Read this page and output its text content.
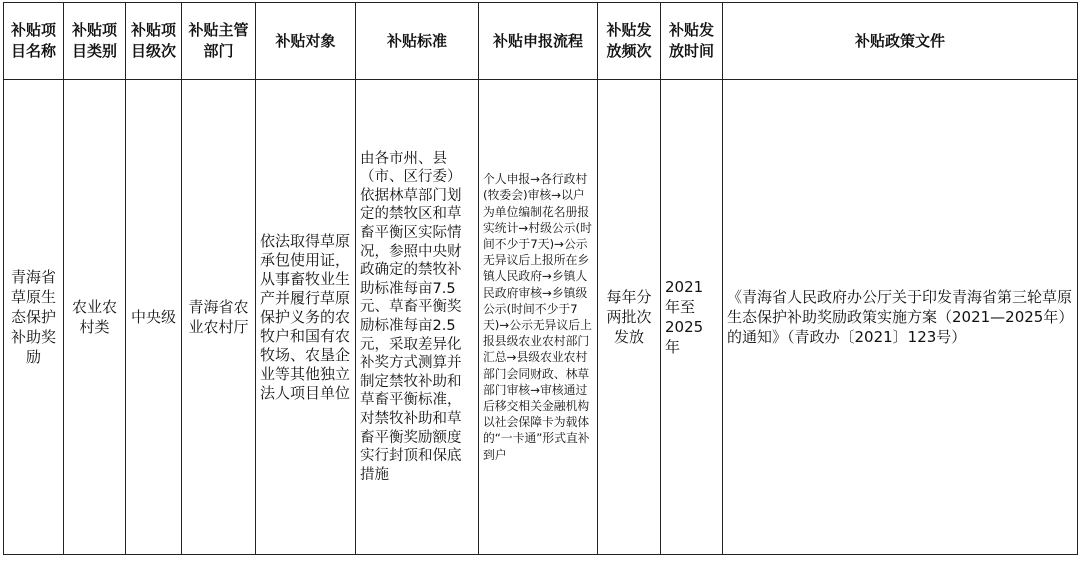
补贴项目名称	补贴项目类别	补贴项目级次	补贴主管部门	补贴对象	补贴标准	补贴申报流程	补贴发放频次	补贴发放时间	补贴政策文件
青海省草原生态保护补助奖励	农业农村类	中央级	青海省农业农村厅	依法取得草原承包使用证，从事畜牧业生产并履行草原保护义务的农牧户和国有农牧场、农垦企业等其他独立法人项目单位	由各市州、县（市、区行委）依据林草部门划定的禁牧区和草畜平衡区实际情况，参照中央财政确定的禁牧补助标准每亩7.5元、草畜平衡奖励标准每亩2.5元，采取差异化补奖方式测算并制定禁牧补助和草畜平衡标准，对禁牧补助和草畜平衡奖励额度实行封顶和保底措施	个人申报→各行政村(牧委会)审核→以户为单位编制花名册报实统计→村级公示(时间不少于7天)→公示无异议后上报所在乡镇人民政府→乡镇人民政府审核→乡镇级公示(时间不少于7天)→公示无异议后上报县级农业农村部门汇总→县级农业农村部门会同财政、林草部门审核→审核通过后移交相关金融机构以社会保障卡为载体的“一卡通”形式直补到户	每年分两批次发放	2021年至2025年	《青海省人民政府办公厅关于印发青海省第三轮草原生态保护补助奖励政策实施方案（2021—2025年）的通知》（青政办〔2021〕123号）
